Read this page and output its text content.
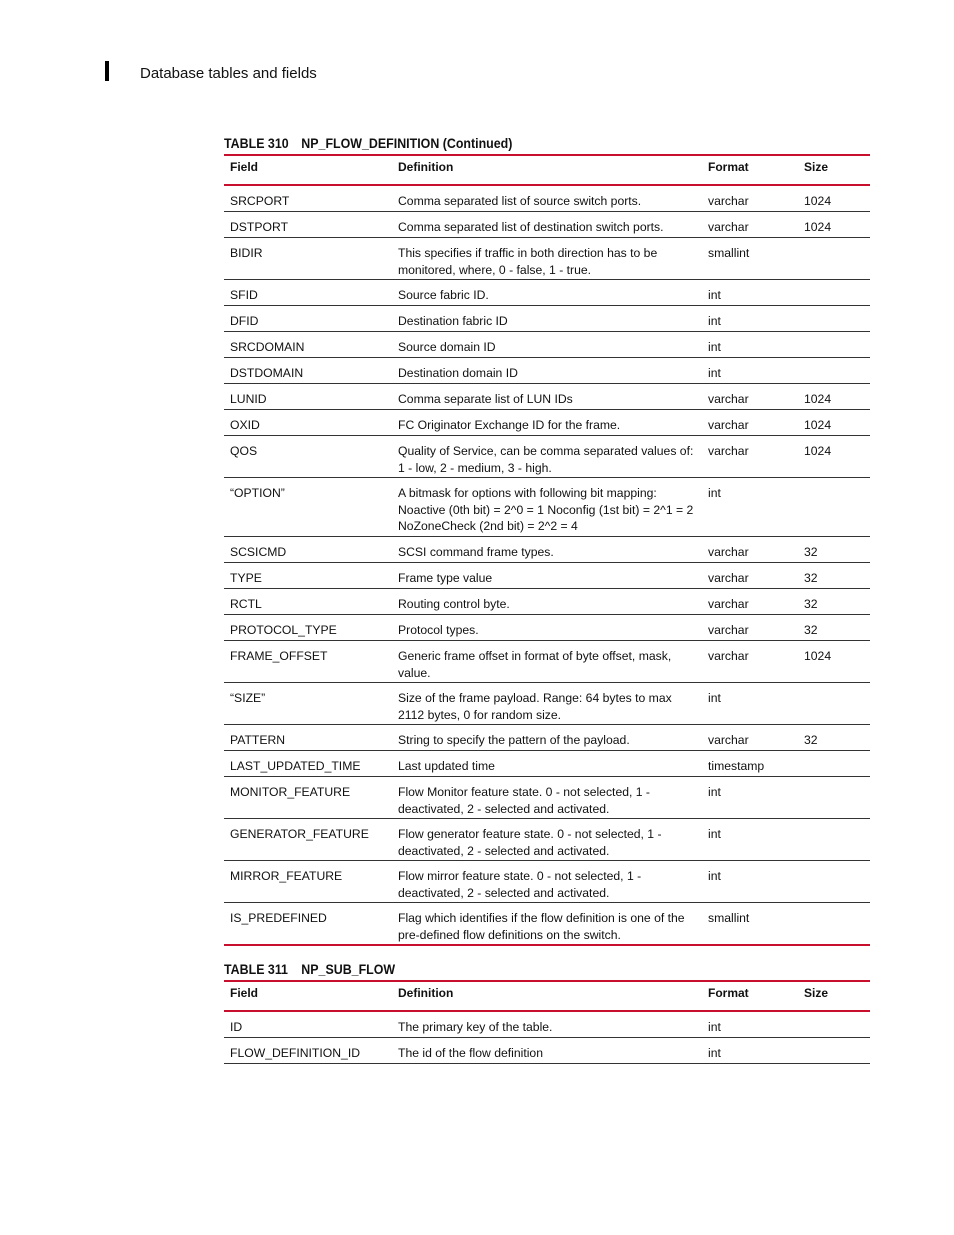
Database tables and fields
TABLE 310 NP_FLOW_DEFINITION (Continued)
Field	Definition	Format	Size
SRCPORT	Comma separated list of source switch ports.	varchar	1024
DSTPORT	Comma separated list of destination switch ports.	varchar	1024
BIDIR	This specifies if traffic in both direction has to be monitored, where, 0 - false, 1 - true.	smallint	
SFID	Source fabric ID.	int	
DFID	Destination fabric ID	int	
SRCDOMAIN	Source domain ID	int	
DSTDOMAIN	Destination domain ID	int	
LUNID	Comma separate list of LUN IDs	varchar	1024
OXID	FC Originator Exchange ID for the frame.	varchar	1024
QOS	Quality of Service, can be comma separated values of: 1 - low, 2 - medium, 3 - high.	varchar	1024
“OPTION”	A bitmask for options with following bit mapping: Noactive (0th bit) = 2^0 = 1 Noconfig (1st bit) = 2^1 = 2 NoZoneCheck (2nd bit) = 2^2 = 4	int	
SCSICMD	SCSI command frame types.	varchar	32
TYPE	Frame type value	varchar	32
RCTL	Routing control byte.	varchar	32
PROTOCOL_TYPE	Protocol types.	varchar	32
FRAME_OFFSET	Generic frame offset in format of byte offset, mask, value.	varchar	1024
“SIZE”	Size of the frame payload. Range: 64 bytes to max 2112 bytes, 0 for random size.	int	
PATTERN	String to specify the pattern of the payload.	varchar	32
LAST_UPDATED_TIME	Last updated time	timestamp	
MONITOR_FEATURE	Flow Monitor feature state. 0 - not selected, 1 - deactivated, 2 - selected and activated.	int	
GENERATOR_FEATURE	Flow generator feature state. 0 - not selected, 1 - deactivated, 2 - selected and activated.	int	
MIRROR_FEATURE	Flow mirror feature state. 0 - not selected, 1 - deactivated, 2 - selected and activated.	int	
IS_PREDEFINED	Flag which identifies if the flow definition is one of the pre-defined flow definitions on the switch.	smallint	
TABLE 311 NP_SUB_FLOW
Field	Definition	Format	Size
ID	The primary key of the table.	int	
FLOW_DEFINITION_ID	The id of the flow definition	int	
